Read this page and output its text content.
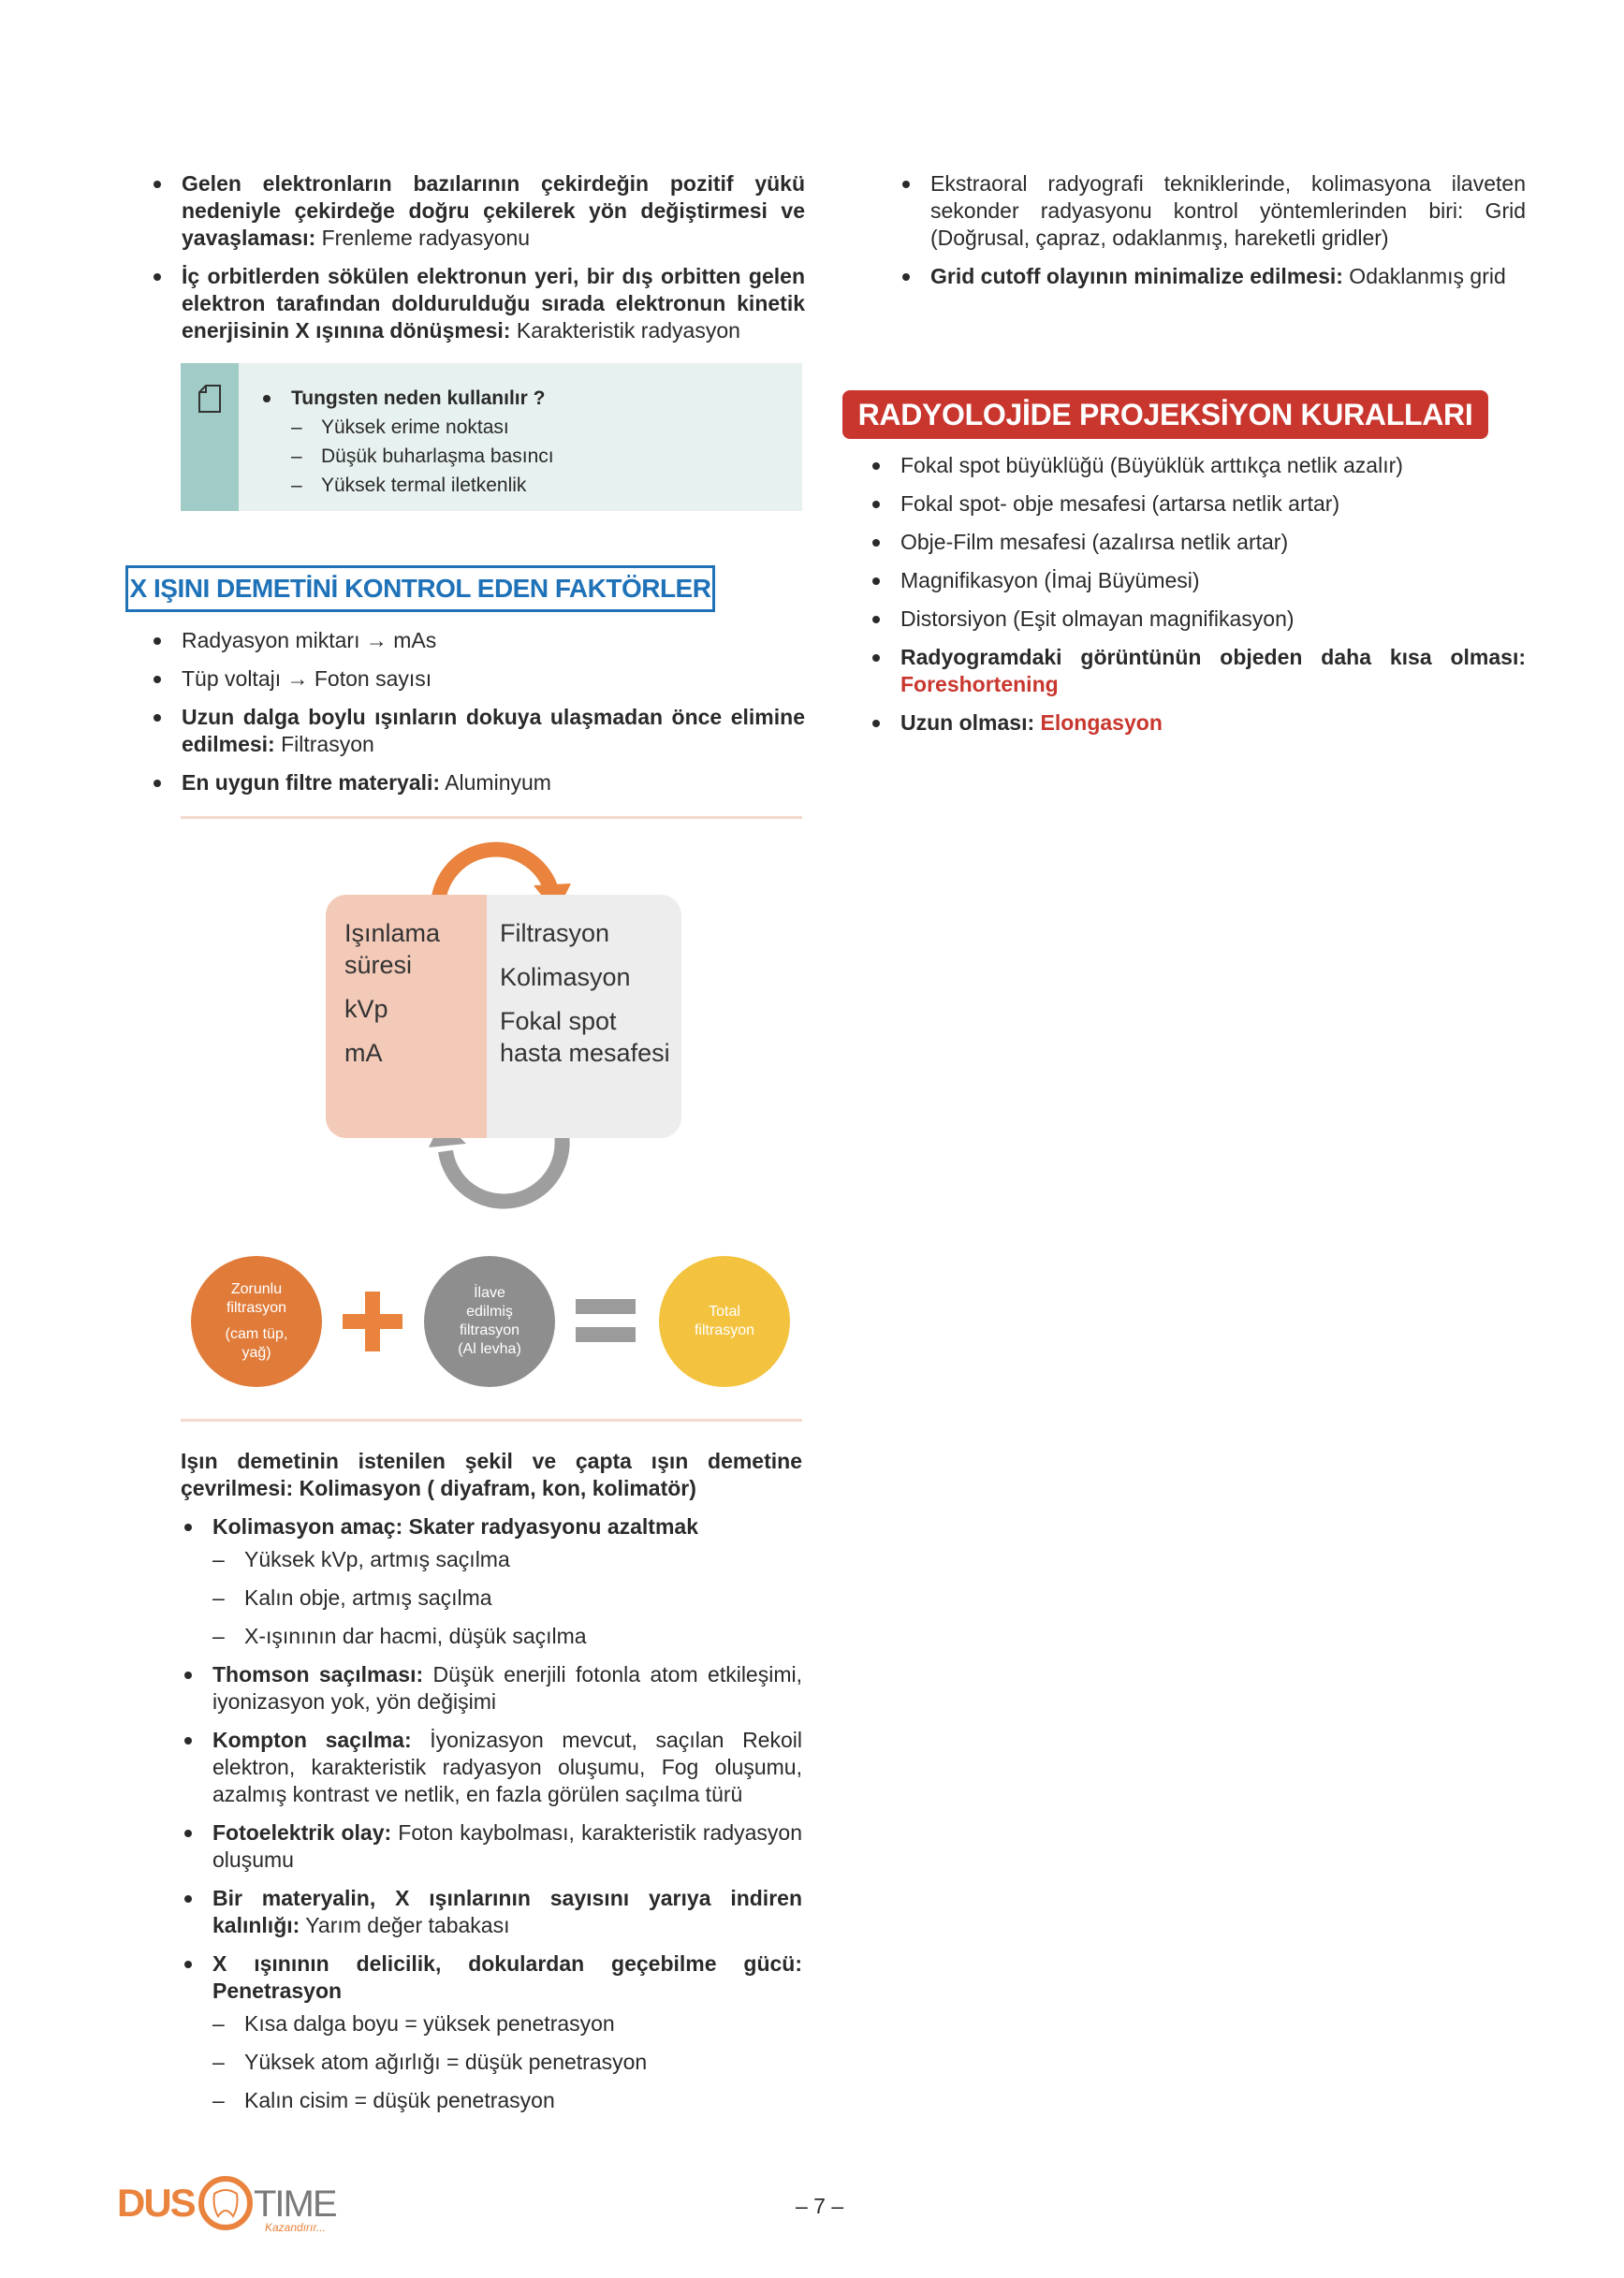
Gelen elektronların bazılarının çekirdeğin pozitif yükü nedeniyle çekirdeğe doğru çekilerek yön değiştirmesi ve yavaşlaması: Frenleme radyasyonu
İç orbitlerden sökülen elektronun yeri, bir dış orbitten gelen elektron tarafından doldurulduğu sırada elektronun kinetik enerjisinin X ışınına dönüşmesi: Karakteristik radyasyon
Tungsten neden kullanılır ?
– Yüksek erime noktası
– Düşük buharlaşma basıncı
– Yüksek termal iletkenlik
X IŞINI DEMETİNİ KONTROL EDEN FAKTÖRLER
Radyasyon miktarı → mAs
Tüp voltajı → Foton sayısı
Uzun dalga boylu ışınların dokuya ulaşmadan önce elimine edilmesi: Filtrasyon
En uygun filtre materyali: Aluminyum
Işınlama süresi
kVp
mA
Filtrasyon
Kolimasyon
Fokal spot hasta mesafesi
Zorunlu filtrasyon
(cam tüp, yağ)
İlave edilmiş filtrasyon
(Al levha)
Total filtrasyon
Işın demetinin istenilen şekil ve çapta ışın demetine çevrilmesi: Kolimasyon ( diyafram, kon, kolimatör)
Kolimasyon amaç: Skater radyasyonu azaltmak
– Yüksek kVp, artmış saçılma
– Kalın obje, artmış saçılma
– X-ışınının dar hacmi, düşük saçılma
Thomson saçılması: Düşük enerjili fotonla atom etkileşimi, iyonizasyon yok, yön değişimi
Kompton saçılma: İyonizasyon mevcut, saçılan Rekoil elektron, karakteristik radyasyon oluşumu, Fog oluşumu, azalmış kontrast ve netlik, en fazla görülen saçılma türü
Fotoelektrik olay: Foton kaybolması, karakteristik radyasyon oluşumu
Bir materyalin, X ışınlarının sayısını yarıya indiren kalınlığı: Yarım değer tabakası
X ışınının delicilik, dokulardan geçebilme gücü: Penetrasyon
– Kısa dalga boyu = yüksek penetrasyon
– Yüksek atom ağırlığı = düşük penetrasyon
– Kalın cisim = düşük penetrasyon
Ekstraoral radyografi tekniklerinde, kolimasyona ilaveten sekonder radyasyonu kontrol yöntemlerinden biri: Grid (Doğrusal, çapraz, odaklanmış, hareketli gridler)
Grid cutoff olayının minimalize edilmesi: Odaklanmış grid
RADYOLOJİDE PROJEKSİYON KURALLARI
Fokal spot büyüklüğü (Büyüklük arttıkça netlik azalır)
Fokal spot- obje mesafesi (artarsa netlik artar)
Obje-Film mesafesi (azalırsa netlik artar)
Magnifikasyon (İmaj Büyümesi)
Distorsiyon (Eşit olmayan magnifikasyon)
Radyogramdaki görüntünün objeden daha kısa olması: Foreshortening
Uzun olması: Elongasyon
DUS TIME
Kazandırır...
– 7 –
